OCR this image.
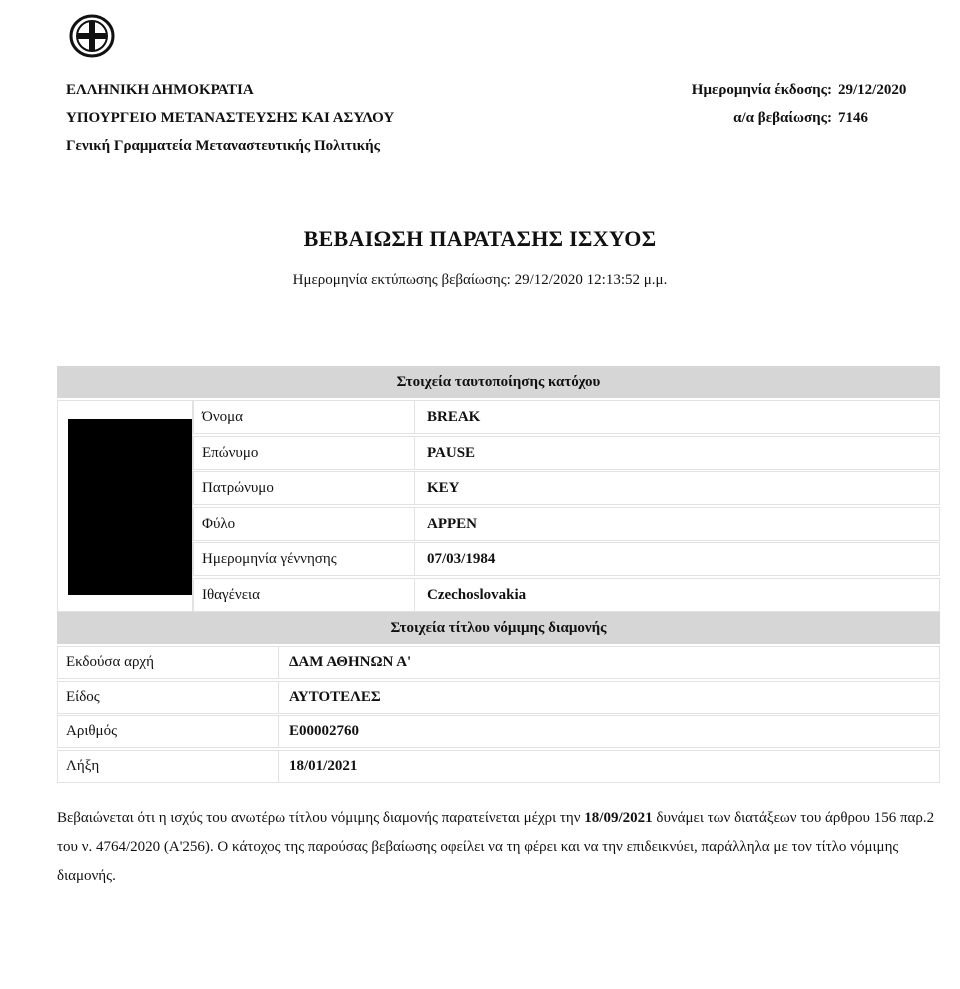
ΕΛΛΗΝΙΚΗ ΔΗΜΟΚΡΑΤΙΑ
ΥΠΟΥΡΓΕΙΟ ΜΕΤΑΝΑΣΤΕΥΣΗΣ ΚΑΙ ΑΣΥΛΟΥ
Γενική Γραμματεία Μεταναστευτικής Πολιτικής
Ημερομηνία έκδοσης: 29/12/2020
α/α βεβαίωσης: 7146
ΒΕΒΑΙΩΣΗ ΠΑΡΑΤΑΣΗΣ ΙΣΧΥΟΣ
Ημερομηνία εκτύπωσης βεβαίωσης: 29/12/2020 12:13:52 μ.μ.
Στοιχεία ταυτοποίησης κατόχου
Όνομα	BREAK
Επώνυμο	PAUSE
Πατρώνυμο	KEY
Φύλο	APPEN
Ημερομηνία γέννησης	07/03/1984
Ιθαγένεια	Czechoslovakia
Στοιχεία τίτλου νόμιμης διαμονής
Εκδούσα αρχή	ΔΑΜ ΑΘΗΝΩΝ Α'
Είδος	ΑΥΤΟΤΕΛΕΣ
Αριθμός	E00002760
Λήξη	18/01/2021
Βεβαιώνεται ότι η ισχύς του ανωτέρω τίτλου νόμιμης διαμονής παρατείνεται μέχρι την 18/09/2021 δυνάμει των διατάξεων του άρθρου 156 παρ.2 του ν. 4764/2020 (Α'256). Ο κάτοχος της παρούσας βεβαίωσης οφείλει να τη φέρει και να την επιδεικνύει, παράλληλα με τον τίτλο νόμιμης διαμονής.
